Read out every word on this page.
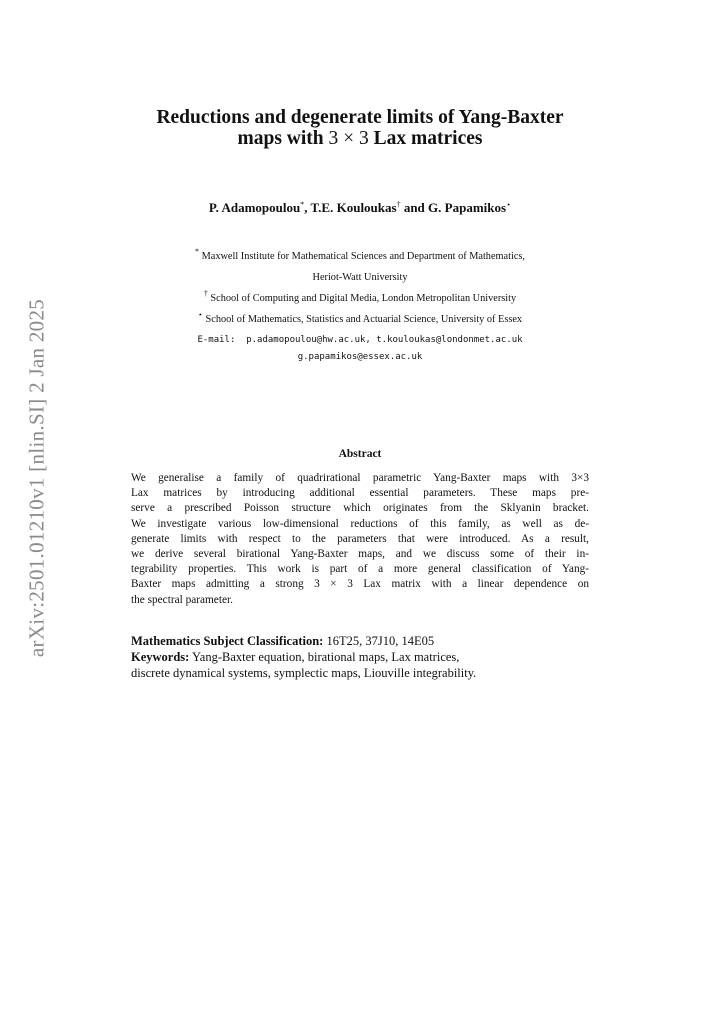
arXiv:2501.01210v1 [nlin.SI] 2 Jan 2025
Reductions and degenerate limits of Yang-Baxter
maps with 3 × 3 Lax matrices
P. Adamopoulou*, T.E. Kouloukas† and G. Papamikos⋆
* Maxwell Institute for Mathematical Sciences and Department of Mathematics,
Heriot-Watt University
† School of Computing and Digital Media, London Metropolitan University
⋆ School of Mathematics, Statistics and Actuarial Science, University of Essex
E-mail: p.adamopoulou@hw.ac.uk, t.kouloukas@londonmet.ac.uk
g.papamikos@essex.ac.uk
Abstract
We generalise a family of quadrirational parametric Yang-Baxter maps with 3×3
Lax matrices by introducing additional essential parameters. These maps pre-
serve a prescribed Poisson structure which originates from the Sklyanin bracket.
We investigate various low-dimensional reductions of this family, as well as de-
generate limits with respect to the parameters that were introduced. As a result,
we derive several birational Yang-Baxter maps, and we discuss some of their in-
tegrability properties. This work is part of a more general classification of Yang-
Baxter maps admitting a strong 3 × 3 Lax matrix with a linear dependence on
the spectral parameter.
Mathematics Subject Classification: 16T25, 37J10, 14E05
Keywords: Yang-Baxter equation, birational maps, Lax matrices,
discrete dynamical systems, symplectic maps, Liouville integrability.
